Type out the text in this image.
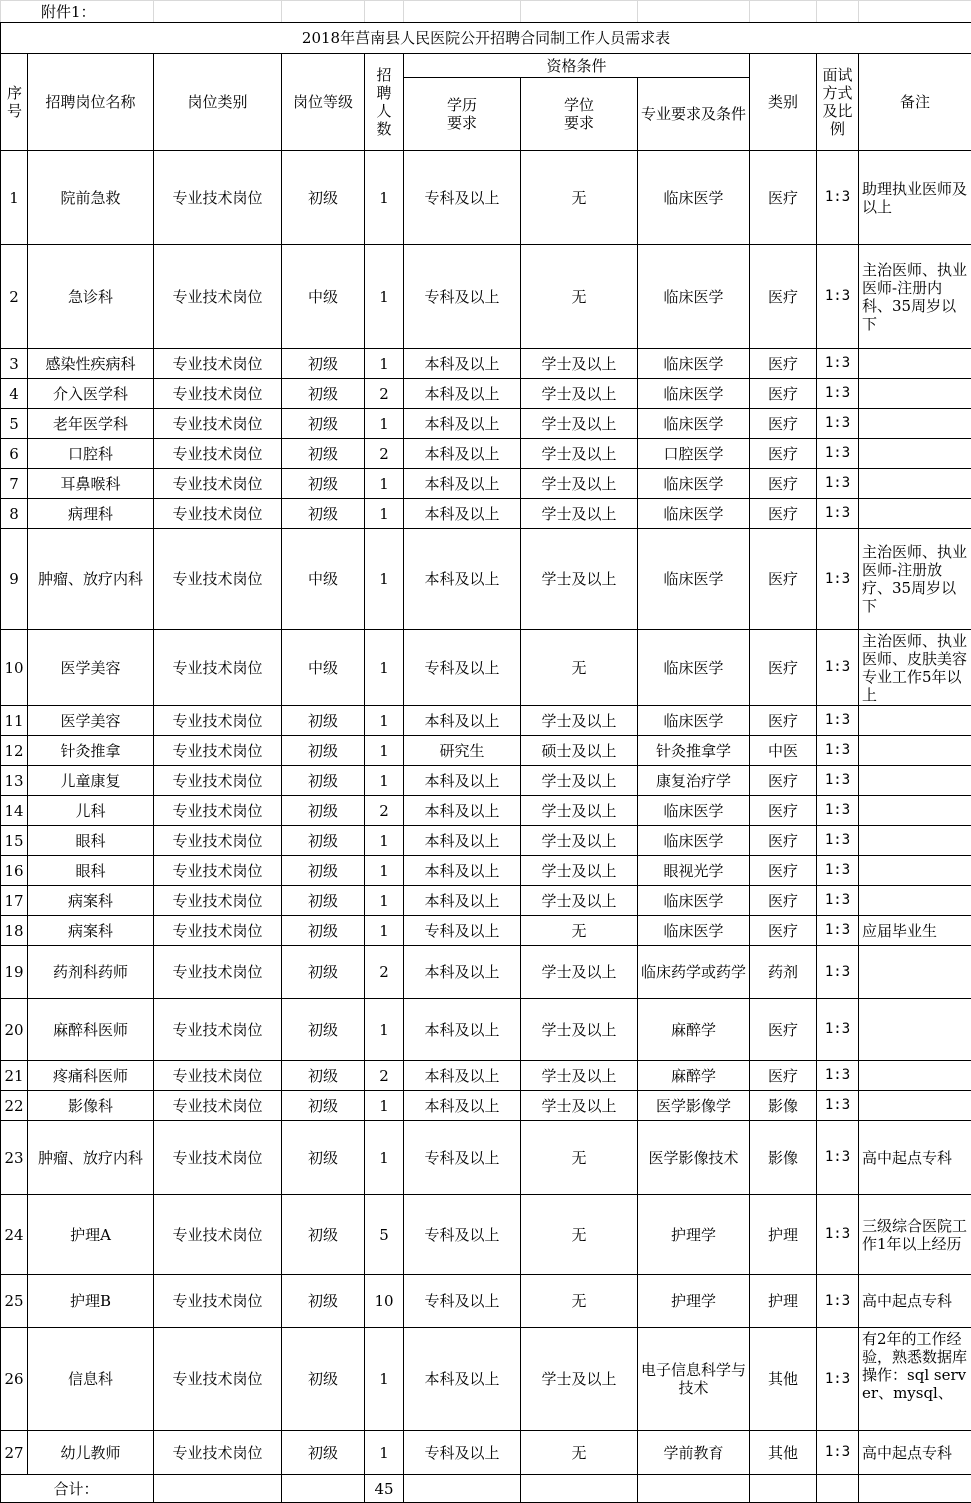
附件1：										
2018年莒南县人民医院公开招聘合同制工作人员需求表										
序号	招聘岗位名称	岗位类别	岗位等级	招聘人数	资格条件			类别	面试方式及比例	备注
					学历要求	学位要求	专业要求及条件			
1	院前急救	专业技术岗位	初级	1	专科及以上	无	临床医学	医疗	1:3	助理执业医师及以上
2	急诊科	专业技术岗位	中级	1	专科及以上	无	临床医学	医疗	1:3	主治医师、执业医师-注册内科、35周岁以下
3	感染性疾病科	专业技术岗位	初级	1	本科及以上	学士及以上	临床医学	医疗	1:3	
4	介入医学科	专业技术岗位	初级	2	本科及以上	学士及以上	临床医学	医疗	1:3	
5	老年医学科	专业技术岗位	初级	1	本科及以上	学士及以上	临床医学	医疗	1:3	
6	口腔科	专业技术岗位	初级	2	本科及以上	学士及以上	口腔医学	医疗	1:3	
7	耳鼻喉科	专业技术岗位	初级	1	本科及以上	学士及以上	临床医学	医疗	1:3	
8	病理科	专业技术岗位	初级	1	本科及以上	学士及以上	临床医学	医疗	1:3	
9	肿瘤、放疗内科	专业技术岗位	中级	1	本科及以上	学士及以上	临床医学	医疗	1:3	主治医师、执业医师-注册放疗、35周岁以下
10	医学美容	专业技术岗位	中级	1	专科及以上	无	临床医学	医疗	1:3	主治医师、执业医师、皮肤美容专业工作5年以上
11	医学美容	专业技术岗位	初级	1	本科及以上	学士及以上	临床医学	医疗	1:3	
12	针灸推拿	专业技术岗位	初级	1	研究生	硕士及以上	针灸推拿学	中医	1:3	
13	儿童康复	专业技术岗位	初级	1	本科及以上	学士及以上	康复治疗学	医疗	1:3	
14	儿科	专业技术岗位	初级	2	本科及以上	学士及以上	临床医学	医疗	1:3	
15	眼科	专业技术岗位	初级	1	本科及以上	学士及以上	临床医学	医疗	1:3	
16	眼科	专业技术岗位	初级	1	本科及以上	学士及以上	眼视光学	医疗	1:3	
17	病案科	专业技术岗位	初级	1	本科及以上	学士及以上	临床医学	医疗	1:3	
18	病案科	专业技术岗位	初级	1	专科及以上	无	临床医学	医疗	1:3	应届毕业生
19	药剂科药师	专业技术岗位	初级	2	本科及以上	学士及以上	临床药学或药学	药剂	1:3	
20	麻醉科医师	专业技术岗位	初级	1	本科及以上	学士及以上	麻醉学	医疗	1:3	
21	疼痛科医师	专业技术岗位	初级	2	本科及以上	学士及以上	麻醉学	医疗	1:3	
22	影像科	专业技术岗位	初级	1	本科及以上	学士及以上	医学影像学	影像	1:3	
23	肿瘤、放疗内科	专业技术岗位	初级	1	专科及以上	无	医学影像技术	影像	1:3	高中起点专科
24	护理A	专业技术岗位	初级	5	专科及以上	无	护理学	护理	1:3	三级综合医院工作1年以上经历
25	护理B	专业技术岗位	初级	10	专科及以上	无	护理学	护理	1:3	高中起点专科
26	信息科	专业技术岗位	初级	1	本科及以上	学士及以上	电子信息科学与技术	其他	1:3	有2年的工作经验，熟悉数据库操作：sql server、mysql、
27	幼儿教师	专业技术岗位	初级	1	专科及以上	无	学前教育	其他	1:3	高中起点专科
合计：				45						
